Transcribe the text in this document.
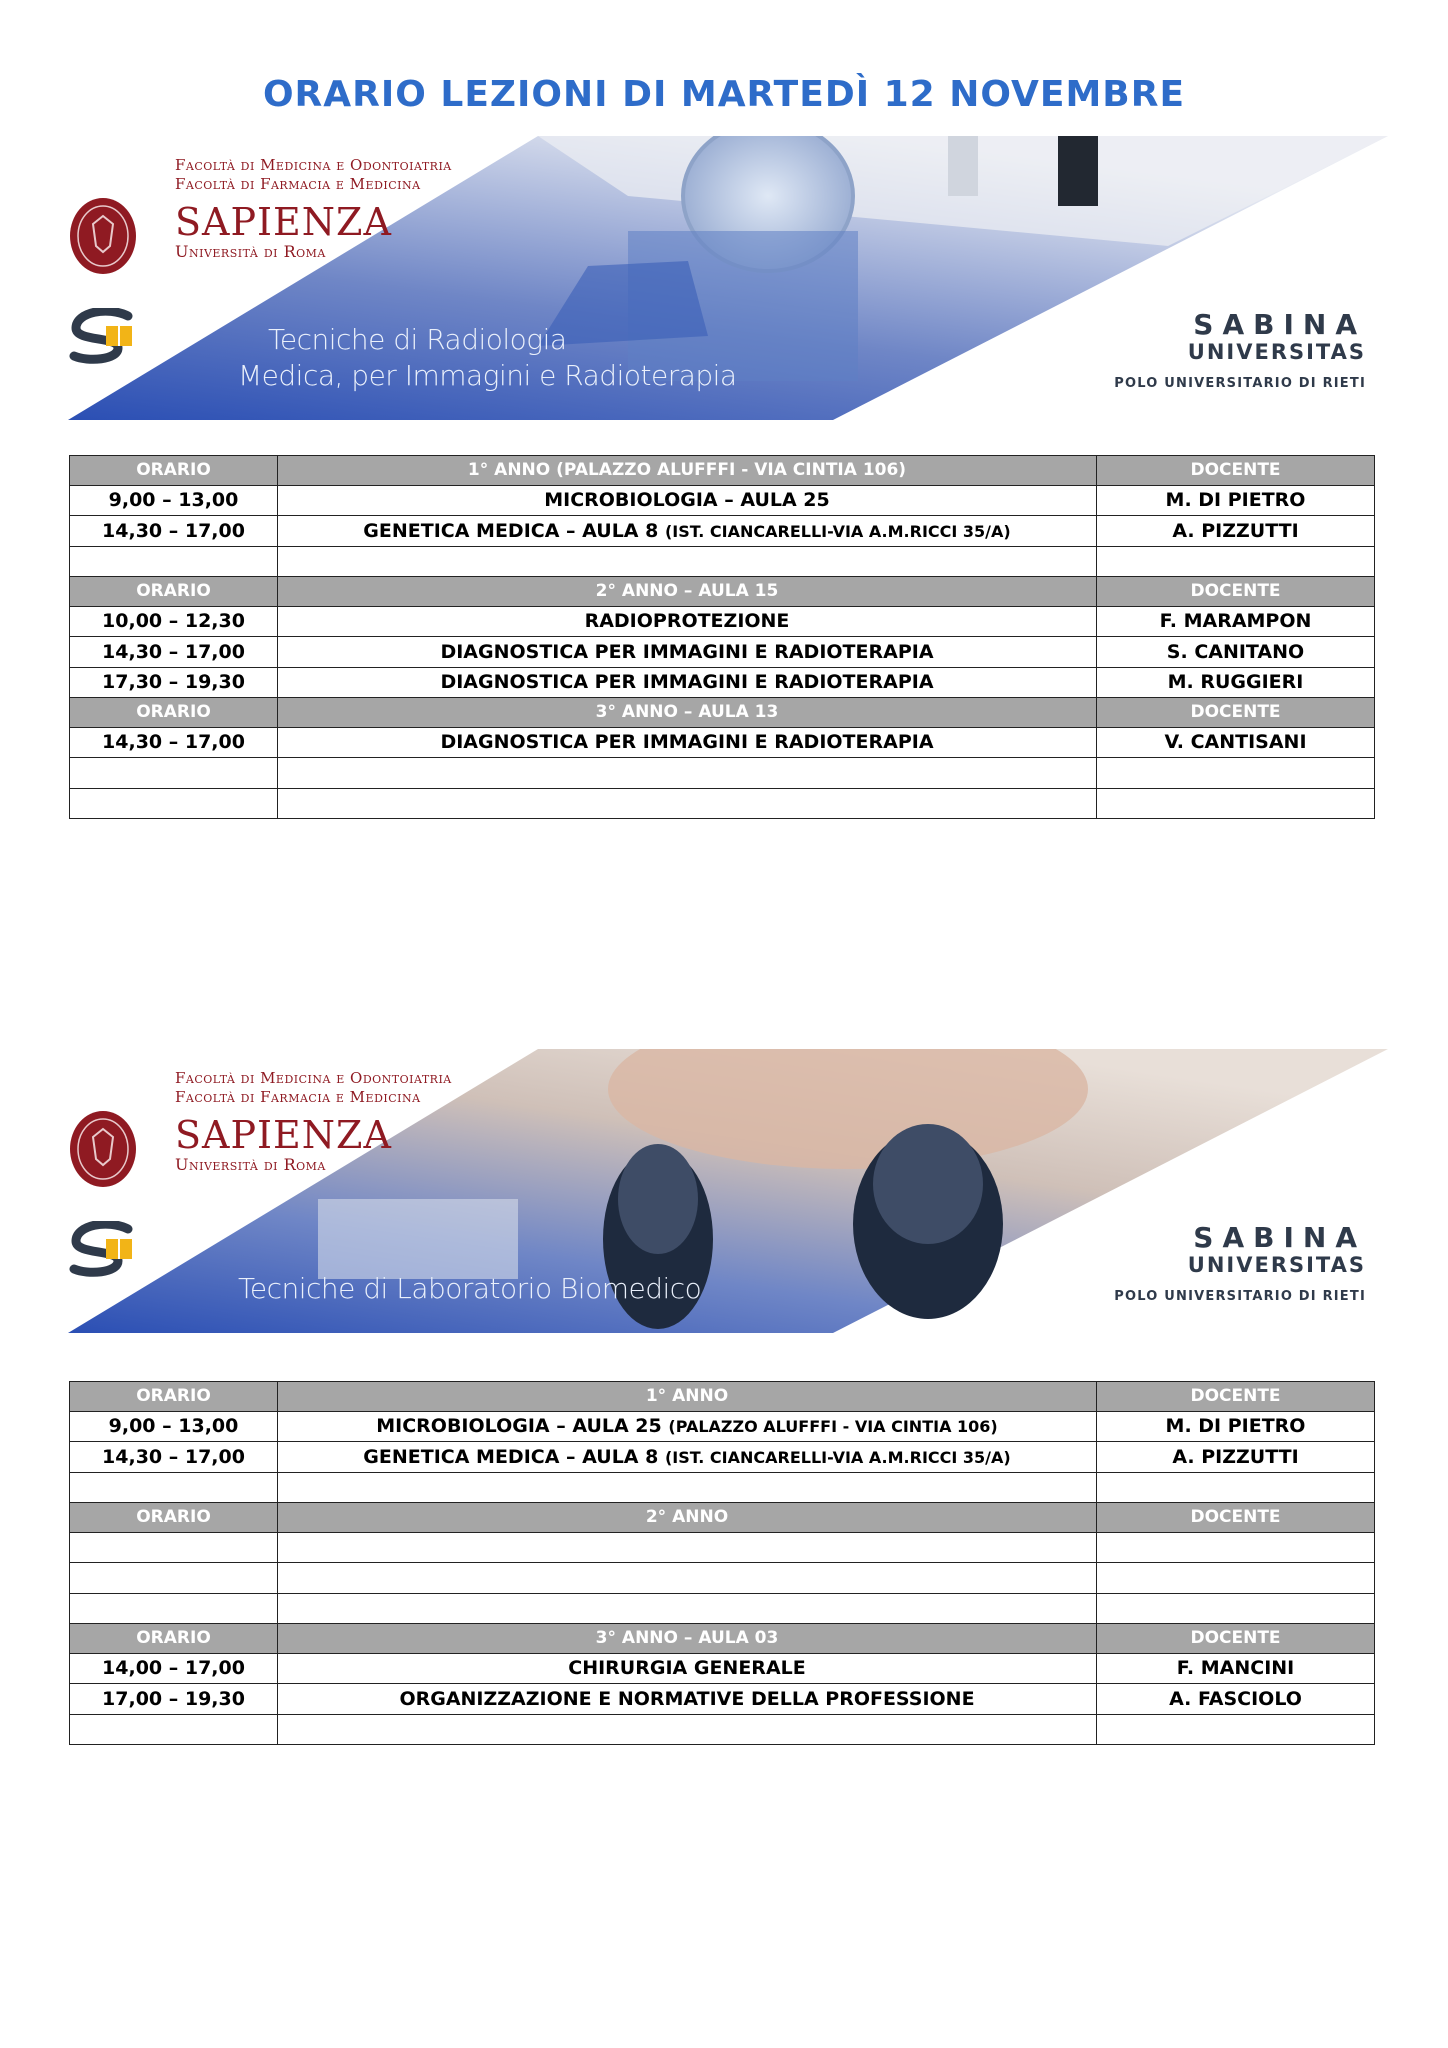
ORARIO LEZIONI DI MARTEDÌ 12 NOVEMBRE
Facoltà di Medicina e Odontoiatria
Facoltà di Farmacia e Medicina
SAPIENZA
Università di Roma
Tecniche di Radiologia
Medica, per Immagini e Radioterapia
SABINA
UNIVERSITAS
POLO UNIVERSITARIO DI RIETI
ORARIO	1° ANNO (PALAZZO ALUFFFI - VIA CINTIA 106)	DOCENTE
9,00 – 13,00	MICROBIOLOGIA – AULA 25	M. DI PIETRO
14,30 – 17,00	GENETICA MEDICA – AULA 8 (IST. CIANCARELLI-VIA A.M.RICCI 35/A)	A. PIZZUTTI

ORARIO	2° ANNO – AULA 15	DOCENTE
10,00 – 12,30	RADIOPROTEZIONE	F. MARAMPON
14,30 – 17,00	DIAGNOSTICA PER IMMAGINI E RADIOTERAPIA	S. CANITANO
17,30 – 19,30	DIAGNOSTICA PER IMMAGINI E RADIOTERAPIA	M. RUGGIERI
ORARIO	3° ANNO – AULA 13	DOCENTE
14,30 – 17,00	DIAGNOSTICA PER IMMAGINI E RADIOTERAPIA	V. CANTISANI

Facoltà di Medicina e Odontoiatria
Facoltà di Farmacia e Medicina
SAPIENZA
Università di Roma
Tecniche di Laboratorio Biomedico
SABINA
UNIVERSITAS
POLO UNIVERSITARIO DI RIETI
ORARIO	1° ANNO	DOCENTE
9,00 – 13,00	MICROBIOLOGIA – AULA 25 (PALAZZO ALUFFFI - VIA CINTIA 106)	M. DI PIETRO
14,30 – 17,00	GENETICA MEDICA – AULA 8 (IST. CIANCARELLI-VIA A.M.RICCI 35/A)	A. PIZZUTTI

ORARIO	2° ANNO	DOCENTE

ORARIO	3° ANNO – AULA 03	DOCENTE
14,00 – 17,00	CHIRURGIA GENERALE	F. MANCINI
17,00 – 19,30	ORGANIZZAZIONE E NORMATIVE DELLA PROFESSIONE	A. FASCIOLO
